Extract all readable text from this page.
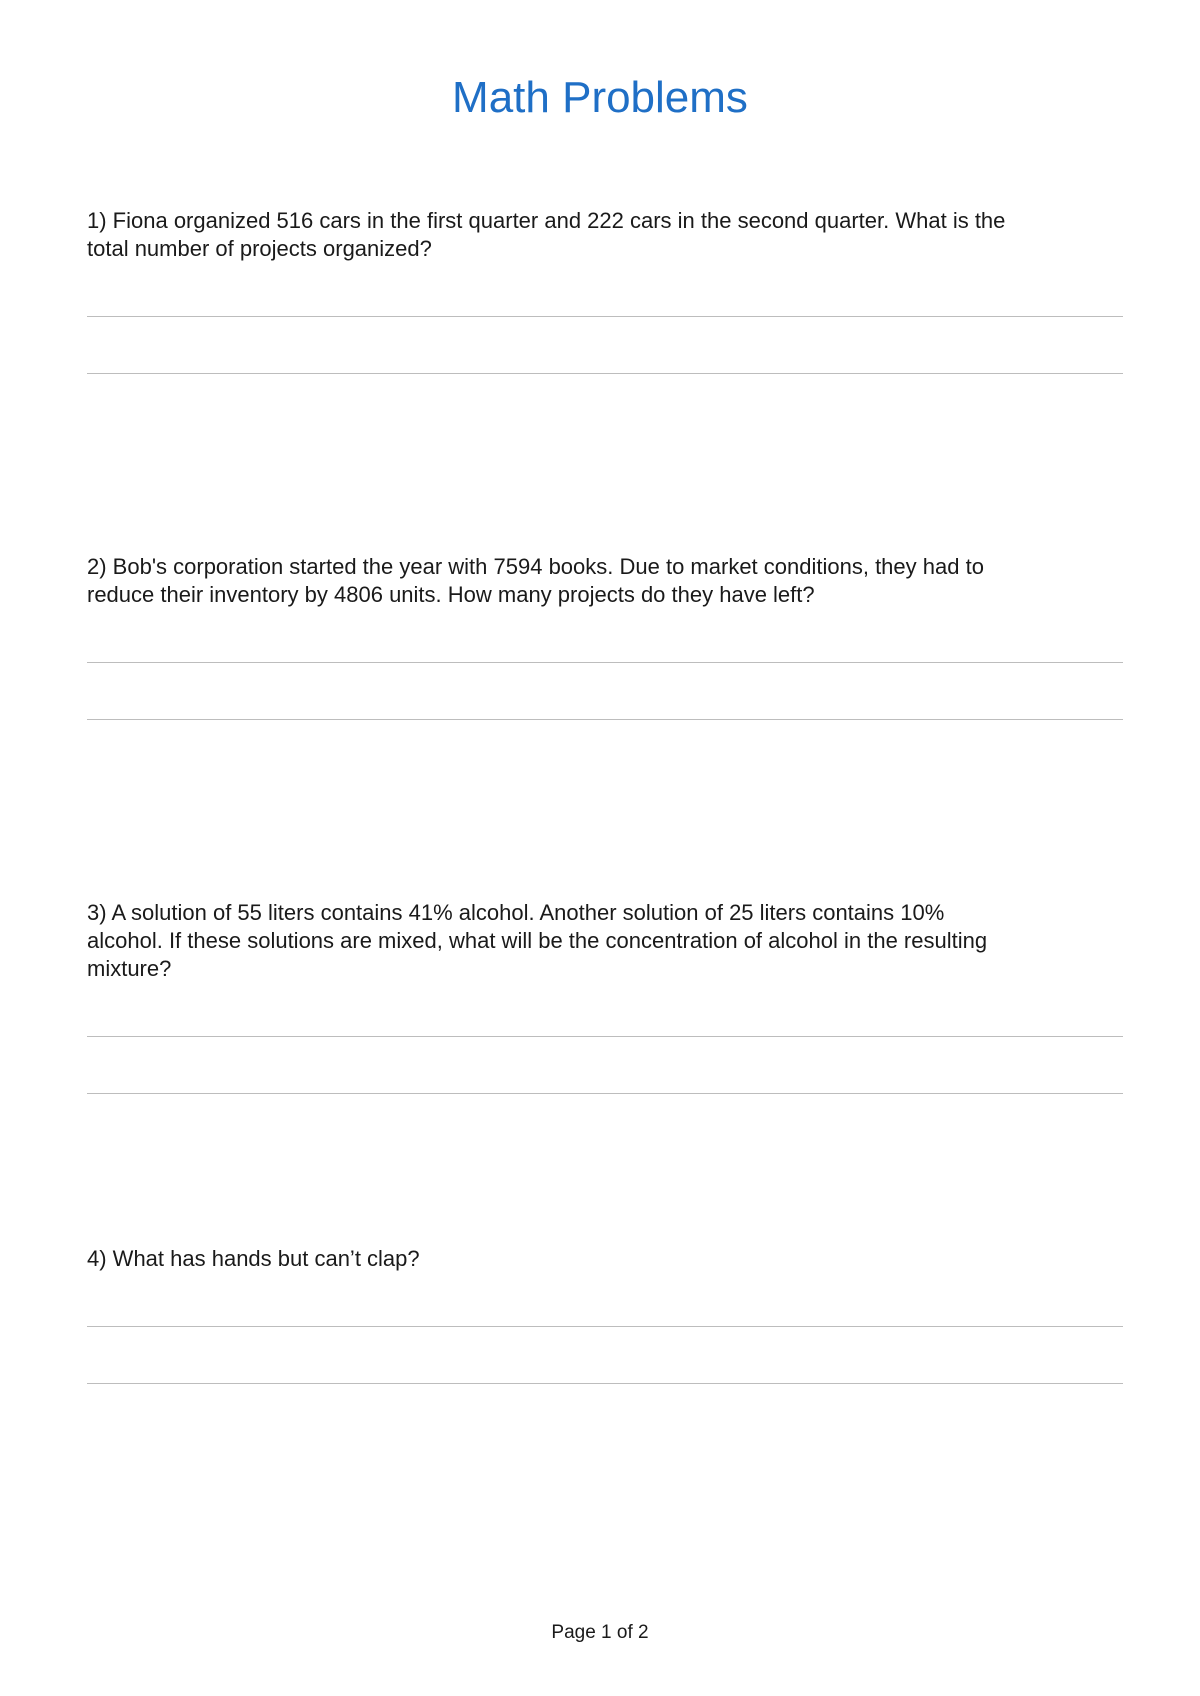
Math Problems

1) Fiona organized 516 cars in the first quarter and 222 cars in the second quarter. What is the
total number of projects organized?

2) Bob's corporation started the year with 7594 books. Due to market conditions, they had to
reduce their inventory by 4806 units. How many projects do they have left?

3) A solution of 55 liters contains 41% alcohol. Another solution of 25 liters contains 10%
alcohol. If these solutions are mixed, what will be the concentration of alcohol in the resulting
mixture?

4) What has hands but can’t clap?

Page 1 of 2
